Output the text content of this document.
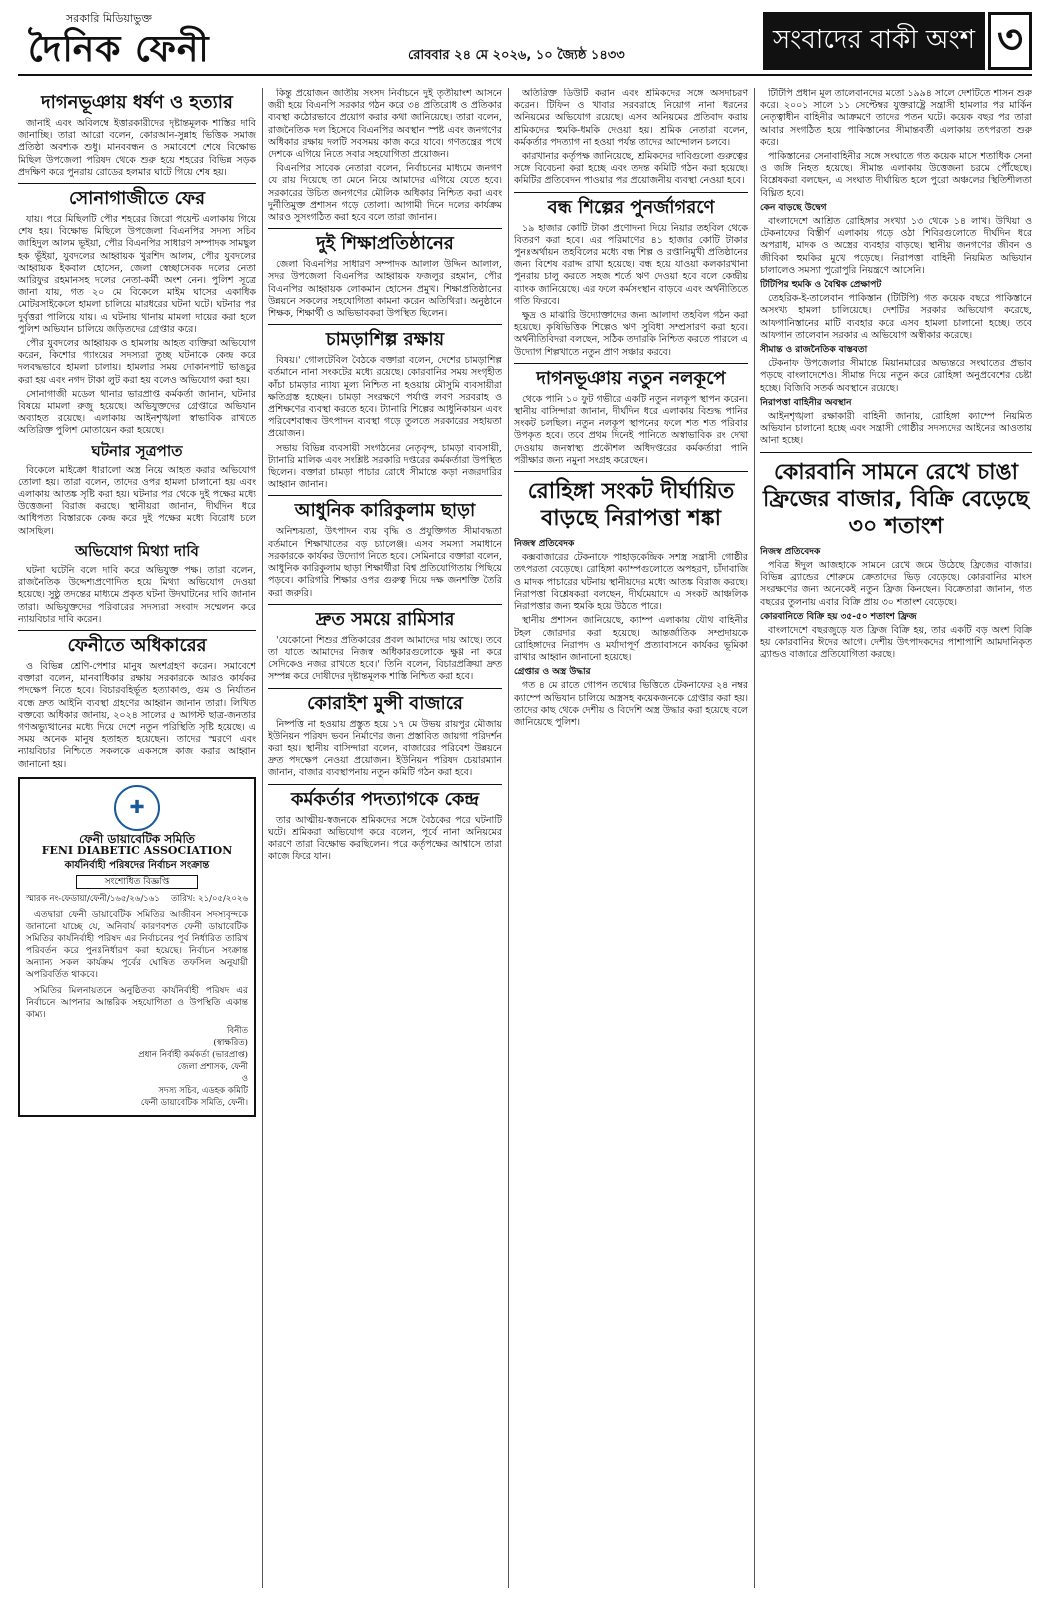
সরকারি মিডিয়াভুক্ত
দৈনিক ফেনী	রোববার ২৪ মে ২০২৬, ১০ জ্যৈষ্ঠ ১৪৩৩
সংবাদের বাকী অংশ ৩
দাগনভূঞায় ধর্ষণ ও হত্যার

জানাই এবং অবিলম্বে ইত্তারকারীদের দৃষ্টান্তমূলক শাস্তির দাবি জানাচ্ছি। তারা আরো বলেন, কোরআন-সুন্নাহ ভিত্তিক সমাজ প্রতিষ্ঠা অবশ্যক শুধু। মানববন্ধন ও সমাবেশে শেষে বিক্ষোভ মিছিল উপজেলা পরিষদ থেকে শুরু হয়ে শহরের বিভিন্ন সড়ক প্রদক্ষিণ করে পুনরায় রোডের হলমার ঘাটে গিয়ে শেষ হয়।

সোনাগাজীতে ফের

যায়। পরে মিছিলটি পৌর শহরের জিরো পয়েন্ট এলাকায় গিয়ে শেষ হয়। বিক্ষোভ মিছিলে উপজেলা বিএনপির সদস্য সচিব জাহিদুল আলম ভূইয়া, পৌর বিএনপির সাধারণ সম্পাদক সামছুল হক ভূঁইয়া, যুবদলের আহ্বায়ক খুরশিদ আলম, পৌর যুবদলের আহ্বায়ক ইকবাল হোসেন, জেলা স্বেচ্ছাসেবক দলের নেতা আরিফুর রহমানসহ দলের নেতা-কর্মী অংশ নেন। পুলিশ সূত্রে জানা যায়, গত ২০ মে বিকেলে মাইম ঘাসের একাধিক মোটরসাইকেলে হামলা চালিয়ে মারধরের ঘটনা ঘটে। ঘটনার পর দুর্বৃত্তরা পালিয়ে যায়। এ ঘটনায় থানায় মামলা দায়ের করা হলে পুলিশ অভিযান চালিয়ে জড়িতদের গ্রেপ্তার করে।

পৌর যুবদলের আহ্বায়ক ও হামলায় আহত ব্যক্তিরা অভিযোগ করেন, কিশোর গ্যাংয়ের সদস্যরা তুচ্ছ ঘটনাকে কেন্দ্র করে দলবদ্ধভাবে হামলা চালায়। হামলার সময় দোকানপাট ভাঙচুর করা হয় এবং নগদ টাকা লুট করা হয় বলেও অভিযোগ করা হয়।

সোনাগাজী মডেল থানার ভারপ্রাপ্ত কর্মকর্তা জানান, ঘটনার বিষয়ে মামলা রুজু হয়েছে। অভিযুক্তদের গ্রেপ্তারে অভিযান অব্যাহত রয়েছে। এলাকায় আইনশৃঙ্খলা স্বাভাবিক রাখতে অতিরিক্ত পুলিশ মোতায়েন করা হয়েছে।

ঘটনার সূত্রপাত

বিকেলে মাইক্রো ধারালো অস্ত্র নিয়ে আহত করার অভিযোগ তোলা হয়। তারা বলেন, তাদের ওপর হামলা চালানো হয় এবং এলাকায় আতঙ্ক সৃষ্টি করা হয়। ঘটনার পর থেকে দুই পক্ষের মধ্যে উত্তেজনা বিরাজ করছে। স্থানীয়রা জানান, দীর্ঘদিন ধরে আধিপত্য বিস্তারকে কেন্দ্র করে দুই পক্ষের মধ্যে বিরোধ চলে আসছিল।

অভিযোগ মিথ্যা দাবি

ঘটনা ঘটেনি বলে দাবি করে অভিযুক্ত পক্ষ। তারা বলেন, রাজনৈতিক উদ্দেশ্যপ্রণোদিত হয়ে মিথ্যা অভিযোগ দেওয়া হয়েছে। সুষ্ঠু তদন্তের মাধ্যমে প্রকৃত ঘটনা উদঘাটনের দাবি জানান তারা। অভিযুক্তদের পরিবারের সদস্যরা সংবাদ সম্মেলন করে ন্যায়বিচার দাবি করেন।

ফেনীতে অধিকারের

ও বিভিন্ন শ্রেণি-পেশার মানুষ অংশগ্রহণ করেন। সমাবেশে বক্তারা বলেন, মানবাধিকার রক্ষায় সরকারকে আরও কার্যকর পদক্ষেপ নিতে হবে। বিচারবহির্ভূত হত্যাকাণ্ড, গুম ও নির্যাতন বন্ধে দ্রুত আইনি ব্যবস্থা গ্রহণের আহ্বান জানান তারা। লিখিত বক্তব্যে অধিকার জানায়, ২০২৪ সালের ৫ আগস্ট ছাত্র-জনতার গণঅভ্যুত্থানের মধ্যে দিয়ে দেশে নতুন পরিস্থিতি সৃষ্টি হয়েছে। এ সময় অনেক মানুষ হতাহত হয়েছেন। তাদের স্মরণে এবং ন্যায়বিচার নিশ্চিতে সকলকে একসঙ্গে কাজ করার আহ্বান জানানো হয়।

✚
ফেনী ডায়াবেটিক সমিতি
FENI DIABETIC ASSOCIATION
কার্যনির্বাহী পরিষদের নির্বাচন সংক্রান্ত
সংশোধিত বিজ্ঞপ্তি
স্মারক নং-ফেডায়া/ফেনী/১৬৫/২৬/১৬১ তারিখ: ২১/০৫/২০২৬

এতদ্বারা ফেনী ডায়াবেটিক সমিতির আজীবন সদস্যবৃন্দকে জানানো যাচ্ছে যে, অনিবার্য কারণবশত ফেনী ডায়াবেটিক সমিতির কার্যনির্বাহী পরিষদ এর নির্বাচনের পূর্ব নির্ধারিত তারিখ পরিবর্তন করে পুনঃনির্ধারণ করা হয়েছে। নির্বাচন সংক্রান্ত অন্যান্য সকল কার্যক্রম পূর্বের ঘোষিত তফসিল অনুযায়ী অপরিবর্তিত থাকবে।

সমিতির মিলনায়তনে অনুষ্ঠিতব্য কার্যনির্বাহী পরিষদ এর নির্বাচনে আপনার আন্তরিক সহযোগিতা ও উপস্থিতি একান্ত কাম্য।

বিনীত
(স্বাক্ষরিত)
প্রধান নির্বাহী কর্মকর্তা (ভারপ্রাপ্ত)
জেলা প্রশাসক, ফেনী
ও
সদস্য সচিব, এডহক কমিটি
ফেনী ডায়াবেটিক সমিতি, ফেনী।

কিন্তু প্রয়োজন জাতীয় সংসদ নির্বাচনে দুই তৃতীয়াংশ আসনে জয়ী হয়ে বিএনপি সরকার গঠন করে ৩৪ প্রতিরোধ ও প্রতিকার ব্যবস্থা কঠোরভাবে প্রয়োগ করার কথা জানিয়েছে। তারা বলেন, রাজনৈতিক দল হিসেবে বিএনপির অবস্থান স্পষ্ট এবং জনগণের অধিকার রক্ষায় দলটি সবসময় কাজ করে যাবে। গণতন্ত্রের পথে দেশকে এগিয়ে নিতে সবার সহযোগিতা প্রয়োজন।

বিএনপির সাবেক নেতারা বলেন, নির্বাচনের মাধ্যমে জনগণ যে রায় দিয়েছে তা মেনে নিয়ে আমাদের এগিয়ে যেতে হবে। সরকারের উচিত জনগণের মৌলিক অধিকার নিশ্চিত করা এবং দুর্নীতিমুক্ত প্রশাসন গড়ে তোলা। আগামী দিনে দলের কার্যক্রম আরও সুসংগঠিত করা হবে বলে তারা জানান।

দুই শিক্ষাপ্রতিষ্ঠানের

জেলা বিএনপির সাধারণ সম্পাদক আলাল উদ্দিন আলাল, সদর উপজেলা বিএনপির আহ্বায়ক ফজলুর রহমান, পৌর বিএনপির আহ্বায়ক লোকমান হোসেন প্রমুখ। শিক্ষাপ্রতিষ্ঠানের উন্নয়নে সকলের সহযোগিতা কামনা করেন অতিথিরা। অনুষ্ঠানে শিক্ষক, শিক্ষার্থী ও অভিভাবকরা উপস্থিত ছিলেন।

চামড়াশিল্প রক্ষায়

বিষয়।' গোলটেবিল বৈঠকে বক্তারা বলেন, দেশের চামড়াশিল্প বর্তমানে নানা সংকটের মধ্যে রয়েছে। কোরবানির সময় সংগৃহীত কাঁচা চামড়ার ন্যায্য মূল্য নিশ্চিত না হওয়ায় মৌসুমি ব্যবসায়ীরা ক্ষতিগ্রস্ত হচ্ছেন। চামড়া সংরক্ষণে পর্যাপ্ত লবণ সরবরাহ ও প্রশিক্ষণের ব্যবস্থা করতে হবে। ট্যানারি শিল্পের আধুনিকায়ন এবং পরিবেশবান্ধব উৎপাদন ব্যবস্থা গড়ে তুলতে সরকারের সহায়তা প্রয়োজন।

সভায় বিভিন্ন ব্যবসায়ী সংগঠনের নেতৃবৃন্দ, চামড়া ব্যবসায়ী, ট্যানারি মালিক এবং সংশ্লিষ্ট সরকারি দপ্তরের কর্মকর্তারা উপস্থিত ছিলেন। বক্তারা চামড়া পাচার রোধে সীমান্তে কড়া নজরদারির আহ্বান জানান।

আধুনিক কারিকুলাম ছাড়া

অনিশ্চয়তা, উৎপাদন ব্যয় বৃদ্ধি ও প্রযুক্তিগত সীমাবদ্ধতা বর্তমানে শিক্ষাখাতের বড় চ্যালেঞ্জ। এসব সমস্যা সমাধানে সরকারকে কার্যকর উদ্যোগ নিতে হবে। সেমিনারে বক্তারা বলেন, আধুনিক কারিকুলাম ছাড়া শিক্ষার্থীরা বিশ্ব প্রতিযোগিতায় পিছিয়ে পড়বে। কারিগরি শিক্ষার ওপর গুরুত্ব দিয়ে দক্ষ জনশক্তি তৈরি করা জরুরি।

দ্রুত সময়ে রামিসার

'যেকোনো শিশুর প্রতিকারের প্রবল আমাদের দায় আছে। তবে তা যাতে আমাদের নিজস্ব অধিকারগুলোকে ক্ষুণ্ণ না করে সেদিকেও নজর রাখতে হবে।' তিনি বলেন, বিচারপ্রক্রিয়া দ্রুত সম্পন্ন করে দোষীদের দৃষ্টান্তমূলক শাস্তি নিশ্চিত করা হবে।

কোরাইশ মুন্সী বাজারে

নিষ্পত্তি না হওয়ায় প্রস্তুত হয়ে ১৭ মে উভয় রায়পুর মৌজায় ইউনিয়ন পরিষদ ভবন নির্মাণের জন্য প্রস্তাবিত জায়গা পরিদর্শন করা হয়। স্থানীয় বাসিন্দারা বলেন, বাজারের পরিবেশ উন্নয়নে দ্রুত পদক্ষেপ নেওয়া প্রয়োজন। ইউনিয়ন পরিষদ চেয়ারম্যান জানান, বাজার ব্যবস্থাপনায় নতুন কমিটি গঠন করা হবে।

কর্মকর্তার পদত্যাগকে কেন্দ্র

তার আত্মীয়-স্বজনকে শ্রমিকদের সঙ্গে বৈঠকের পরে ঘটনাটি ঘটে। শ্রমিকরা অভিযোগ করে বলেন, পূর্বে নানা অনিয়মের কারণে তারা বিক্ষোভ করছিলেন। পরে কর্তৃপক্ষের আশ্বাসে তারা কাজে ফিরে যান।

অতিরিক্ত ডিউটি করান এবং শ্রমিকদের সঙ্গে অসদাচরণ করেন। টিফিন ও খাবার সরবরাহে নিয়োগ নানা ধরনের অনিয়মের অভিযোগ রয়েছে। এসব অনিয়মের প্রতিবাদ করায় শ্রমিকদের হুমকি-ধমকি দেওয়া হয়। শ্রমিক নেতারা বলেন, কর্মকর্তার পদত্যাগ না হওয়া পর্যন্ত তাদের আন্দোলন চলবে।

কারখানার কর্তৃপক্ষ জানিয়েছে, শ্রমিকদের দাবিগুলো গুরুত্বের সঙ্গে বিবেচনা করা হচ্ছে এবং তদন্ত কমিটি গঠন করা হয়েছে। কমিটির প্রতিবেদন পাওয়ার পর প্রয়োজনীয় ব্যবস্থা নেওয়া হবে।

বন্ধ শিল্পের পুনর্জাগরণে

১৯ হাজার কোটি টাকা প্রণোদনা দিয়ে নিয়ার তহবিল থেকে বিতরণ করা হবে। এর পরিমাণের ৪১ হাজার কোটি টাকার পুনঃঅর্থায়ন তহবিলের মধ্যে বন্ধ শিল্প ও রপ্তানিমুখী প্রতিষ্ঠানের জন্য বিশেষ বরাদ্দ রাখা হয়েছে। বন্ধ হয়ে যাওয়া কলকারখানা পুনরায় চালু করতে সহজ শর্তে ঋণ দেওয়া হবে বলে কেন্দ্রীয় ব্যাংক জানিয়েছে। এর ফলে কর্মসংস্থান বাড়বে এবং অর্থনীতিতে গতি ফিরবে।

ক্ষুদ্র ও মাঝারি উদ্যোক্তাদের জন্য আলাদা তহবিল গঠন করা হয়েছে। কৃষিভিত্তিক শিল্পেও ঋণ সুবিধা সম্প্রসারণ করা হবে। অর্থনীতিবিদরা বলছেন, সঠিক তদারকি নিশ্চিত করতে পারলে এ উদ্যোগ শিল্পখাতে নতুন প্রাণ সঞ্চার করবে।

দাগনভূঞায় নতুন নলকূপে

থেকে পানি ১০ ফুট গভীরে একটি নতুন নলকূপ স্থাপন করেন। স্থানীয় বাসিন্দারা জানান, দীর্ঘদিন ধরে এলাকায় বিশুদ্ধ পানির সংকট চলছিল। নতুন নলকূপ স্থাপনের ফলে শত শত পরিবার উপকৃত হবে। তবে প্রথম দিনেই পানিতে অস্বাভাবিক রং দেখা দেওয়ায় জনস্বাস্থ্য প্রকৌশল অধিদপ্তরের কর্মকর্তারা পানি পরীক্ষার জন্য নমুনা সংগ্রহ করেছেন।

রোহিঙ্গা সংকট দীর্ঘায়িত বাড়ছে নিরাপত্তা শঙ্কা
নিজস্ব প্রতিবেদক

কক্সবাজারের টেকনাফে পাহাড়কেন্দ্রিক সশস্ত্র সন্ত্রাসী গোষ্ঠীর তৎপরতা বেড়েছে। রোহিঙ্গা ক্যাম্পগুলোতে অপহরণ, চাঁদাবাজি ও মাদক পাচারের ঘটনায় স্থানীয়দের মধ্যে আতঙ্ক বিরাজ করছে। নিরাপত্তা বিশ্লেষকরা বলছেন, দীর্ঘমেয়াদে এ সংকট আঞ্চলিক নিরাপত্তার জন্য হুমকি হয়ে উঠতে পারে।

স্থানীয় প্রশাসন জানিয়েছে, ক্যাম্প এলাকায় যৌথ বাহিনীর টহল জোরদার করা হয়েছে। আন্তর্জাতিক সম্প্রদায়কে রোহিঙ্গাদের নিরাপদ ও মর্যাদাপূর্ণ প্রত্যাবাসনে কার্যকর ভূমিকা রাখার আহ্বান জানানো হয়েছে।

গ্রেপ্তার ও অস্ত্র উদ্ধার

গত ৪ মে রাতে গোপন তথ্যের ভিত্তিতে টেকনাফের ২৪ নম্বর ক্যাম্পে অভিযান চালিয়ে অস্ত্রসহ কয়েকজনকে গ্রেপ্তার করা হয়। তাদের কাছ থেকে দেশীয় ও বিদেশি অস্ত্র উদ্ধার করা হয়েছে বলে জানিয়েছে পুলিশ।

টিটিপি প্রধান মূল তালেবানদের মতো ১৯৯৪ সালে দেশটিতে শাসন শুরু করে। ২০০১ সালে ১১ সেপ্টেম্বর যুক্তরাষ্ট্রে সন্ত্রাসী হামলার পর মার্কিন নেতৃত্বাধীন বাহিনীর আক্রমণে তাদের পতন ঘটে। কয়েক বছর পর তারা আবার সংগঠিত হয়ে পাকিস্তানের সীমান্তবর্তী এলাকায় তৎপরতা শুরু করে।

পাকিস্তানের সেনাবাহিনীর সঙ্গে সংঘাতে গত কয়েক মাসে শতাধিক সেনা ও জঙ্গি নিহত হয়েছে। সীমান্ত এলাকায় উত্তেজনা চরমে পৌঁছেছে। বিশ্লেষকরা বলছেন, এ সংঘাত দীর্ঘায়িত হলে পুরো অঞ্চলের স্থিতিশীলতা বিঘ্নিত হবে।

কেন বাড়ছে উদ্বেগ

বাংলাদেশে আশ্রিত রোহিঙ্গার সংখ্যা ১৩ থেকে ১৪ লাখ। উখিয়া ও টেকনাফের বিস্তীর্ণ এলাকায় গড়ে ওঠা শিবিরগুলোতে দীর্ঘদিন ধরে অপরাধ, মাদক ও অস্ত্রের ব্যবহার বাড়ছে। স্থানীয় জনগণের জীবন ও জীবিকা হুমকির মুখে পড়েছে। নিরাপত্তা বাহিনী নিয়মিত অভিযান চালালেও সমস্যা পুরোপুরি নিয়ন্ত্রণে আসেনি।

টিটিপির হুমকি ও বৈশ্বিক প্রেক্ষাপট

তেহরিক-ই-তালেবান পাকিস্তান (টিটিপি) গত কয়েক বছরে পাকিস্তানে অসংখ্য হামলা চালিয়েছে। দেশটির সরকার অভিযোগ করেছে, আফগানিস্তানের মাটি ব্যবহার করে এসব হামলা চালানো হচ্ছে। তবে আফগান তালেবান সরকার এ অভিযোগ অস্বীকার করেছে।

সীমান্ত ও রাজনৈতিক বাস্তবতা

টেকনাফ উপজেলার সীমান্তে মিয়ানমারের অভ্যন্তরে সংঘাতের প্রভাব পড়ছে বাংলাদেশেও। সীমান্ত দিয়ে নতুন করে রোহিঙ্গা অনুপ্রবেশের চেষ্টা হচ্ছে। বিজিবি সতর্ক অবস্থানে রয়েছে।

নিরাপত্তা বাহিনীর অবস্থান

আইনশৃঙ্খলা রক্ষাকারী বাহিনী জানায়, রোহিঙ্গা ক্যাম্পে নিয়মিত অভিযান চালানো হচ্ছে এবং সন্ত্রাসী গোষ্ঠীর সদস্যদের আইনের আওতায় আনা হচ্ছে।

কোরবানি সামনে রেখে চাঙা ফ্রিজের বাজার, বিক্রি বেড়েছে ৩০ শতাংশ
নিজস্ব প্রতিবেদক

পবিত্র ঈদুল আজহাকে সামনে রেখে জমে উঠেছে ফ্রিজের বাজার। বিভিন্ন ব্র্যান্ডের শোরুমে ক্রেতাদের ভিড় বেড়েছে। কোরবানির মাংস সংরক্ষণের জন্য অনেকেই নতুন ফ্রিজ কিনছেন। বিক্রেতারা জানান, গত বছরের তুলনায় এবার বিক্রি প্রায় ৩০ শতাংশ বেড়েছে।

কোরবানিতে বিক্রি হয় ৩৫-৫০ শতাংশ ফ্রিজ

বাংলাদেশে বছরজুড়ে যত ফ্রিজ বিক্রি হয়, তার একটি বড় অংশ বিক্রি হয় কোরবানির ঈদের আগে। দেশীয় উৎপাদকদের পাশাপাশি আমদানিকৃত ব্র্যান্ডও বাজারে প্রতিযোগিতা করছে।
